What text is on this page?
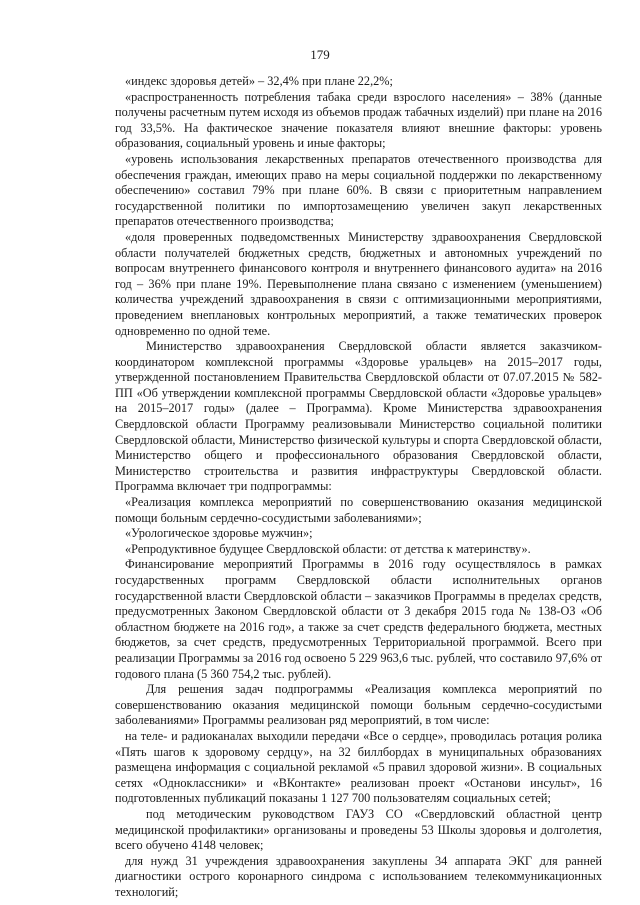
179

«индекс здоровья детей» – 32,4% при плане 22,2%;

«распространенность потребления табака среди взрослого населения» – 38% (данные получены расчетным путем исходя из объемов продаж табачных изделий) при плане на 2016 год 33,5%. На фактическое значение показателя влияют внешние факторы: уровень образования, социальный уровень и иные факторы;

«уровень использования лекарственных препаратов отечественного производства для обеспечения граждан, имеющих право на меры социальной поддержки по лекарственному обеспечению» составил 79% при плане 60%. В связи с приоритетным направлением государственной политики по импортозамещению увеличен закуп лекарственных препаратов отечественного производства;

«доля проверенных подведомственных Министерству здравоохранения Свердловской области получателей бюджетных средств, бюджетных и автономных учреждений по вопросам внутреннего финансового контроля и внутреннего финансового аудита» на 2016 год – 36% при плане 19%. Перевыполнение плана связано с изменением (уменьшением) количества учреждений здравоохранения в связи с оптимизационными мероприятиями, проведением внеплановых контрольных мероприятий, а также тематических проверок одновременно по одной теме.

Министерство здравоохранения Свердловской области является заказчиком-координатором комплексной программы «Здоровье уральцев» на 2015–2017 годы, утвержденной постановлением Правительства Свердловской области от 07.07.2015 № 582-ПП «Об утверждении комплексной программы Свердловской области «Здоровье уральцев» на 2015–2017 годы» (далее – Программа). Кроме Министерства здравоохранения Свердловской области Программу реализовывали Министерство социальной политики Свердловской области, Министерство физической культуры и спорта Свердловской области, Министерство общего и профессионального образования Свердловской области, Министерство строительства и развития инфраструктуры Свердловской области. Программа включает три подпрограммы:

«Реализация комплекса мероприятий по совершенствованию оказания медицинской помощи больным сердечно-сосудистыми заболеваниями»;

«Урологическое здоровье мужчин»;

«Репродуктивное будущее Свердловской области: от детства к материнству».

Финансирование мероприятий Программы в 2016 году осуществлялось в рамках государственных программ Свердловской области исполнительных органов государственной власти Свердловской области – заказчиков Программы в пределах средств, предусмотренных Законом Свердловской области от 3 декабря 2015 года № 138-ОЗ «Об областном бюджете на 2016 год», а также за счет средств федерального бюджета, местных бюджетов, за счет средств, предусмотренных Территориальной программой. Всего при реализации Программы за 2016 год освоено 5 229 963,6 тыс. рублей, что составило 97,6% от годового плана (5 360 754,2 тыс. рублей).

Для решения задач подпрограммы «Реализация комплекса мероприятий по совершенствованию оказания медицинской помощи больным сердечно-сосудистыми заболеваниями» Программы реализован ряд мероприятий, в том числе:

на теле- и радиоканалах выходили передачи «Все о сердце», проводилась ротация ролика «Пять шагов к здоровому сердцу», на 32 биллбордах в муниципальных образованиях размещена информация с социальной рекламой «5 правил здоровой жизни». В социальных сетях «Одноклассники» и «ВКонтакте» реализован проект «Останови инсульт», 16 подготовленных публикаций показаны 1 127 700 пользователям социальных сетей;

под методическим руководством ГАУЗ СО «Свердловский областной центр медицинской профилактики» организованы и проведены 53 Школы здоровья и долголетия, всего обучено 4148 человек;

для нужд 31 учреждения здравоохранения закуплены 34 аппарата ЭКГ для ранней диагностики острого коронарного синдрома с использованием телекоммуникационных технологий;
